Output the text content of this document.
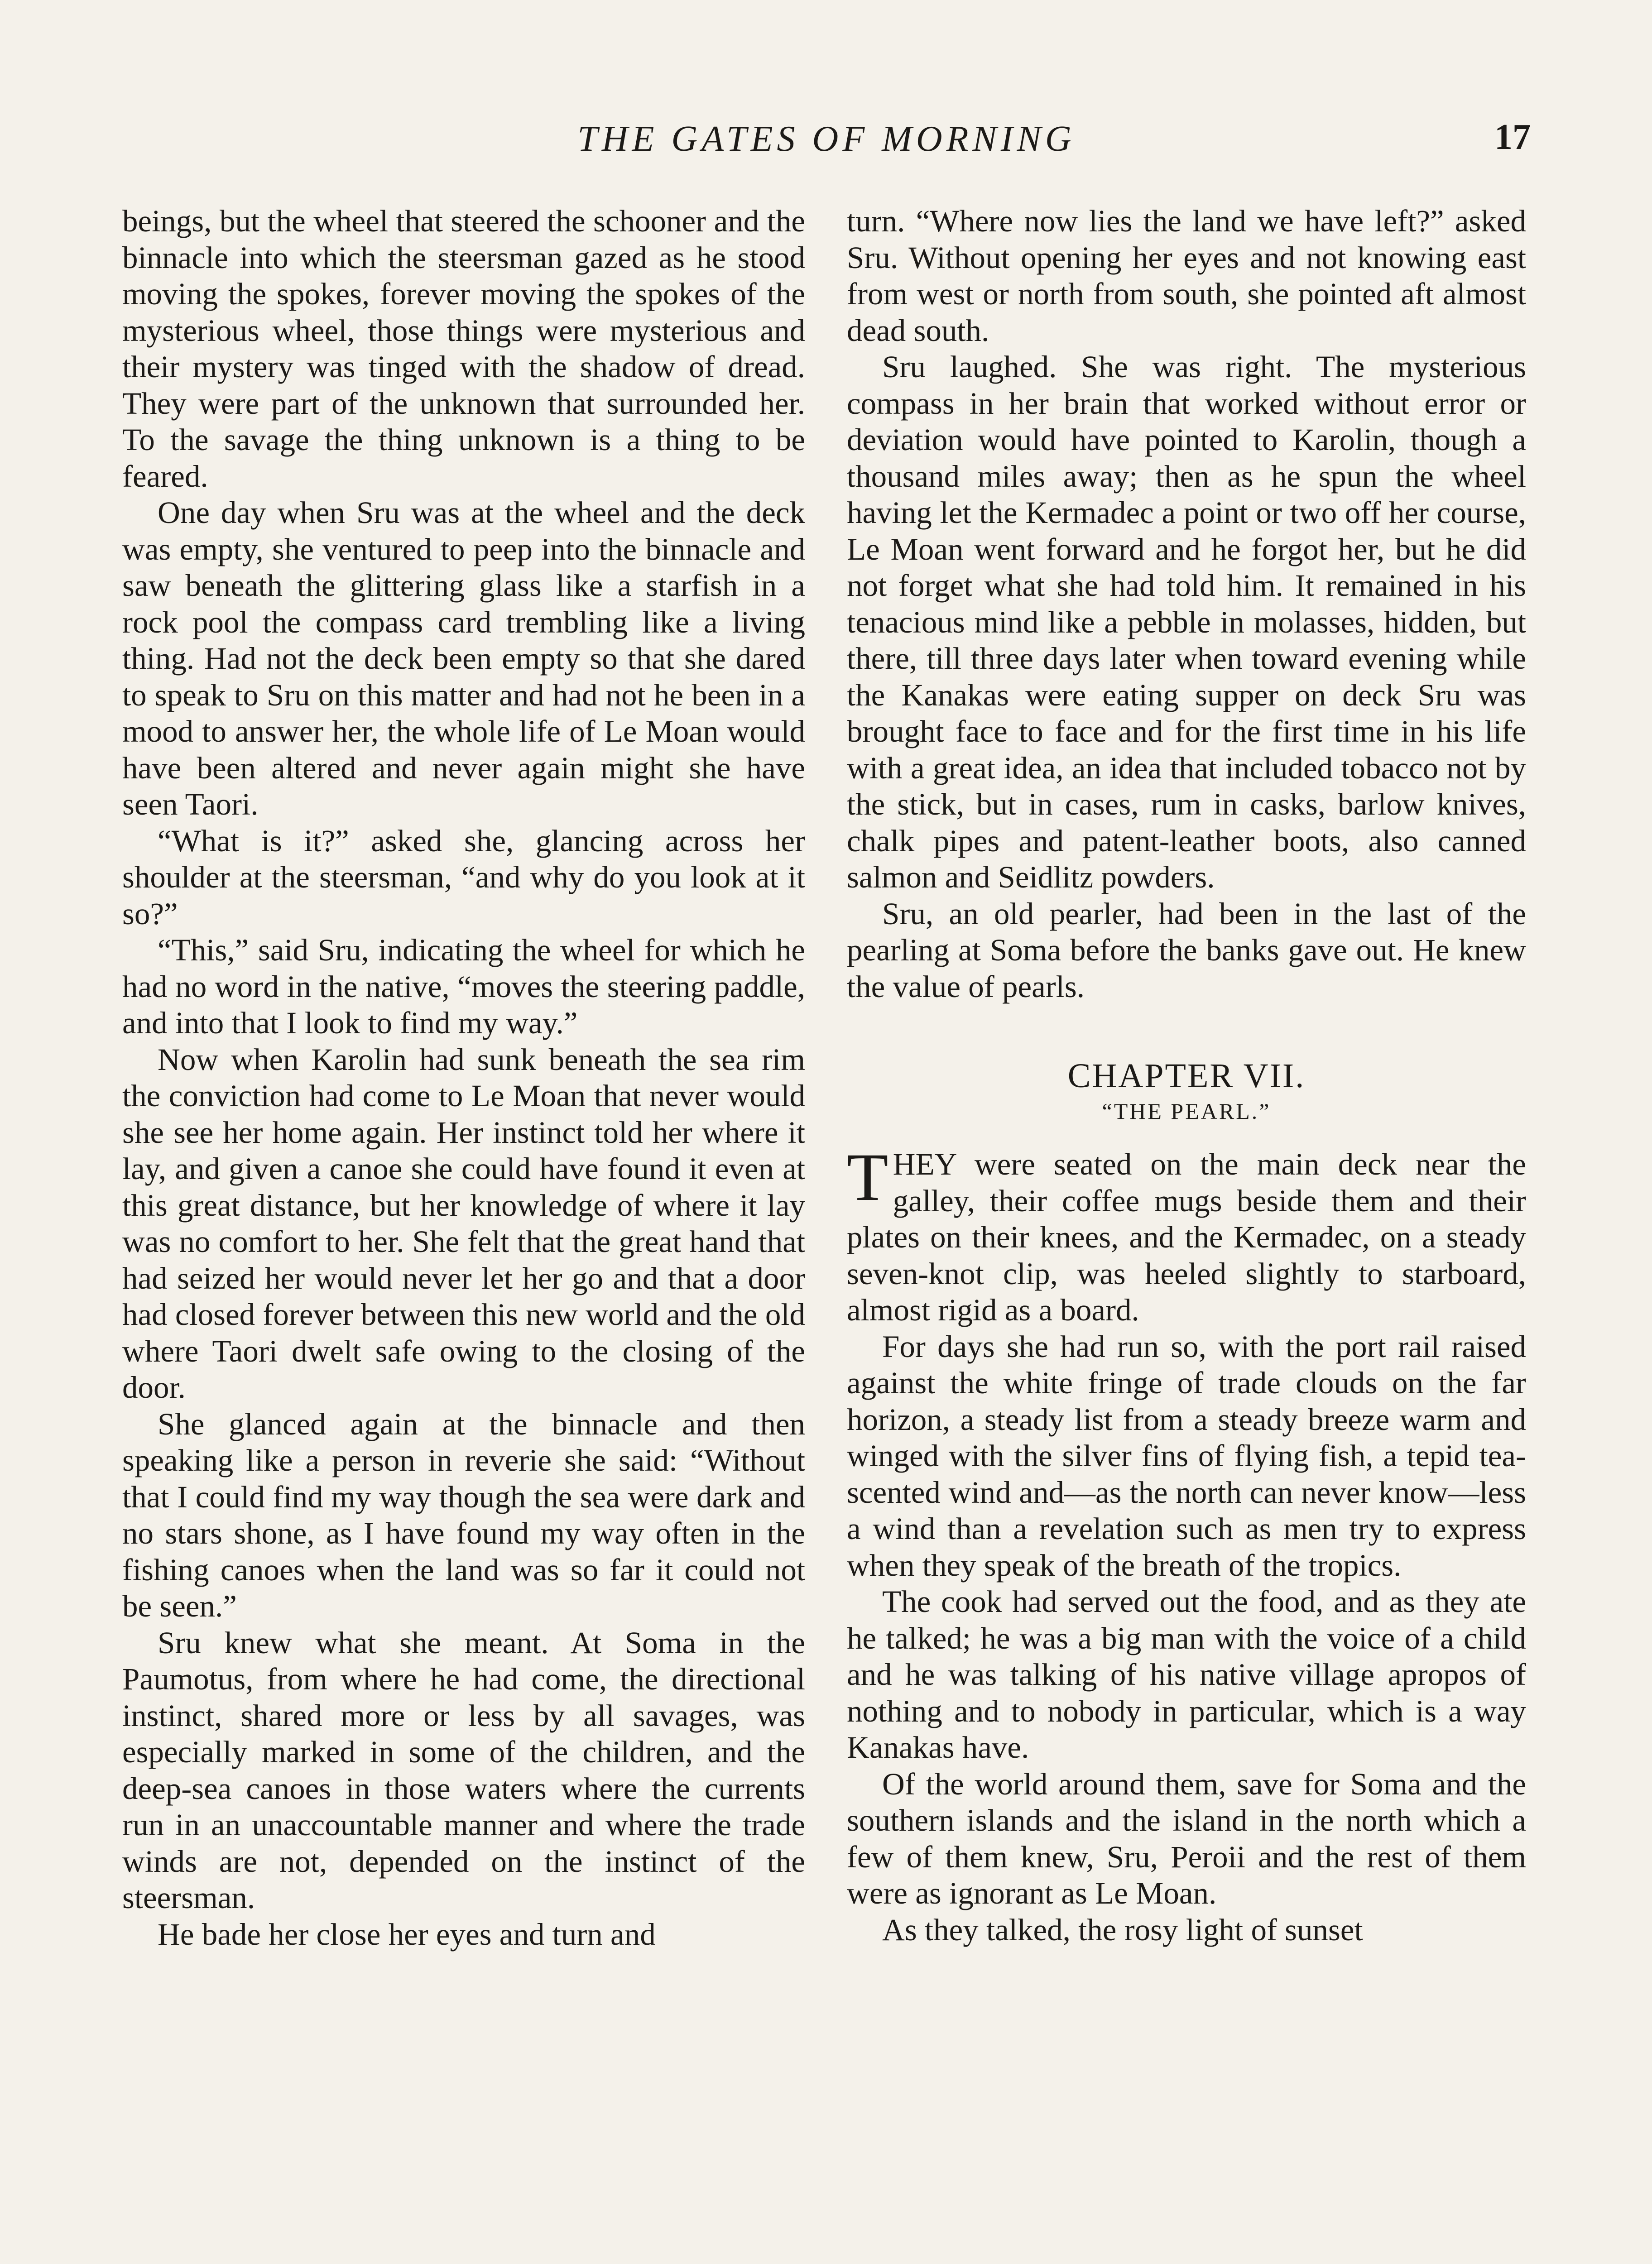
THE GATES OF MORNING	17

beings, but the wheel that steered the schooner and the binnacle into which the steersman gazed as he stood moving the spokes, forever moving the spokes of the mysterious wheel, those things were mysterious and their mystery was tinged with the shadow of dread. They were part of the unknown that surrounded her. To the savage the thing unknown is a thing to be feared.

One day when Sru was at the wheel and the deck was empty, she ventured to peep into the binnacle and saw beneath the glittering glass like a starfish in a rock pool the compass card trembling like a living thing. Had not the deck been empty so that she dared to speak to Sru on this matter and had not he been in a mood to answer her, the whole life of Le Moan would have been altered and never again might she have seen Taori.

“What is it?” asked she, glancing across her shoulder at the steersman, “and why do you look at it so?”

“This,” said Sru, indicating the wheel for which he had no word in the native, “moves the steering paddle, and into that I look to find my way.”

Now when Karolin had sunk beneath the sea rim the conviction had come to Le Moan that never would she see her home again. Her instinct told her where it lay, and given a canoe she could have found it even at this great distance, but her knowledge of where it lay was no comfort to her. She felt that the great hand that had seized her would never let her go and that a door had closed forever between this new world and the old where Taori dwelt safe owing to the closing of the door.

She glanced again at the binnacle and then speaking like a person in reverie she said: “Without that I could find my way though the sea were dark and no stars shone, as I have found my way often in the fishing canoes when the land was so far it could not be seen.”

Sru knew what she meant. At Soma in the Paumotus, from where he had come, the directional instinct, shared more or less by all savages, was especially marked in some of the children, and the deep-sea canoes in those waters where the currents run in an unaccountable manner and where the trade winds are not, depended on the instinct of the steersman.

He bade her close her eyes and turn and

turn. “Where now lies the land we have left?” asked Sru. Without opening her eyes and not knowing east from west or north from south, she pointed aft almost dead south.

Sru laughed. She was right. The mysterious compass in her brain that worked without error or deviation would have pointed to Karolin, though a thousand miles away; then as he spun the wheel having let the Kermadec a point or two off her course, Le Moan went forward and he forgot her, but he did not forget what she had told him. It remained in his tenacious mind like a pebble in molasses, hidden, but there, till three days later when toward evening while the Kanakas were eating supper on deck Sru was brought face to face and for the first time in his life with a great idea, an idea that included tobacco not by the stick, but in cases, rum in casks, barlow knives, chalk pipes and patent-leather boots, also canned salmon and Seidlitz powders.

Sru, an old pearler, had been in the last of the pearling at Soma before the banks gave out. He knew the value of pearls.

CHAPTER VII.
“THE PEARL.”

THEY were seated on the main deck near the galley, their coffee mugs beside them and their plates on their knees, and the Kermadec, on a steady seven-knot clip, was heeled slightly to starboard, almost rigid as a board.

For days she had run so, with the port rail raised against the white fringe of trade clouds on the far horizon, a steady list from a steady breeze warm and winged with the silver fins of flying fish, a tepid tea-scented wind and—as the north can never know—less a wind than a revelation such as men try to express when they speak of the breath of the tropics.

The cook had served out the food, and as they ate he talked; he was a big man with the voice of a child and he was talking of his native village apropos of nothing and to nobody in particular, which is a way Kanakas have.

Of the world around them, save for Soma and the southern islands and the island in the north which a few of them knew, Sru, Peroii and the rest of them were as ignorant as Le Moan.

As they talked, the rosy light of sunset
